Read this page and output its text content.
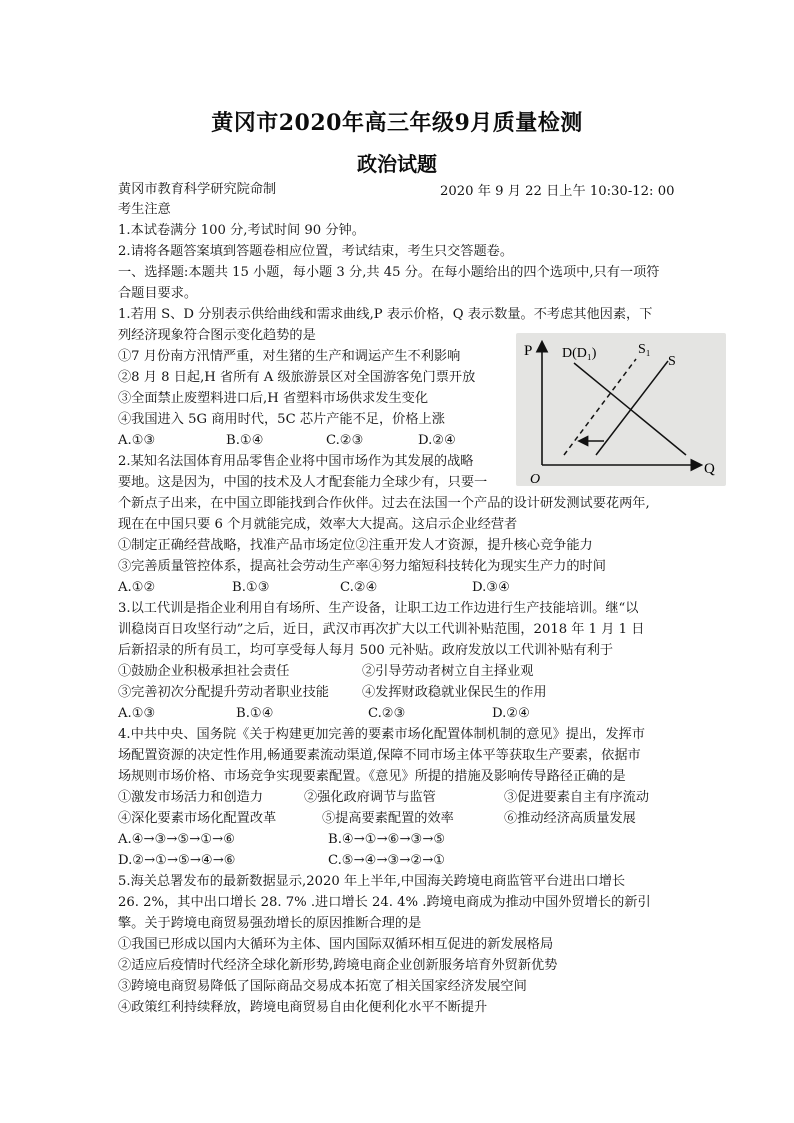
黄冈市2020年高三年级9月质量检测
政治试题
黄冈市教育科学研究院命制	2020 年 9 月 22 日上午 10:30-12: 00
考生注意
1.本试卷满分 100 分,考试时间 90 分钟。
2.请将各题答案填到答题卷相应位置，考试结束，考生只交答题卷。
一、选择题:本题共 15 小题，每小题 3 分,共 45 分。在每小题给出的四个选项中,只有一项符
合题目要求。
1.若用 S、D 分别表示供给曲线和需求曲线,P 表示价格，Q 表示数量。不考虑其他因素，下
列经济现象符合图示变化趋势的是
①7 月份南方汛情严重，对生猪的生产和调运产生不利影响
②8 月 8 日起,H 省所有 A 级旅游景区对全国游客免门票开放
③全面禁止废塑料进口后,H 省塑料市场供求发生变化
④我国进入 5G 商用时代，5C 芯片产能不足，价格上涨
A.①③	B.①④	C.②③	D.②④
P
Q
O
D(D₁)	S₁
S
2.某知名法国体育用品零售企业将中国市场作为其发展的战略
要地。这是因为，中国的技术及人才配套能力全球少有，只要一
个新点子出来，在中国立即能找到合作伙伴。过去在法国一个产品的设计研发测试要花两年,
现在在中国只要 6 个月就能完成，效率大大提高。这启示企业经营者
①制定正确经营战略，找准产品市场定位②注重开发人才资源，提升核心竞争能力
③完善质量管控体系，提高社会劳动生产率④努力缩短科技转化为现实生产力的时间
A.①②	B.①③	C.②④	D.③④
3.以工代训是指企业利用自有场所、生产设备，让职工边工作边进行生产技能培训。继“以
训稳岗百日攻坚行动”之后，近日，武汉市再次扩大以工代训补贴范围，2018 年 1 月 1 日
后新招录的所有员工，均可享受每人每月 500 元补贴。政府发放以工代训补贴有利于
①鼓励企业积极承担社会责任	②引导劳动者树立自主择业观
③完善初次分配提升劳动者职业技能	④发挥财政稳就业保民生的作用
A.①③	B.①④	C.②③	D.②④
4.中共中央、国务院《关于构建更加完善的要素市场化配置体制机制的意见》提出，发挥市
场配置资源的决定性作用,畅通要素流动渠道,保障不同市场主体平等获取生产要素，依据市
场规则市场价格、市场竞争实现要素配置。《意见》所提的措施及影响传导路径正确的是
①激发市场活力和创造力	②强化政府调节与监管	③促进要素自主有序流动
④深化要素市场化配置改革	⑤提高要素配置的效率	⑥推动经济高质量发展
A.④→③→⑤→①→⑥	B.④→①→⑥→③→⑤
D.②→①→⑤→④→⑥	C.⑤→④→③→②→①
5.海关总署发布的最新数据显示,2020 年上半年,中国海关跨境电商监管平台进出口增长
26. 2%，其中出口增长 28. 7% .进口增长 24. 4% .跨境电商成为推动中国外贸增长的新引
擎。关于跨境电商贸易强劲增长的原因推断合理的是
①我国已形成以国内大循环为主体、国内国际双循环相互促进的新发展格局
②适应后疫情时代经济全球化新形势,跨境电商企业创新服务培育外贸新优势
③跨境电商贸易降低了国际商品交易成本拓宽了相关国家经济发展空间
④政策红利持续释放，跨境电商贸易自由化便利化水平不断提升
